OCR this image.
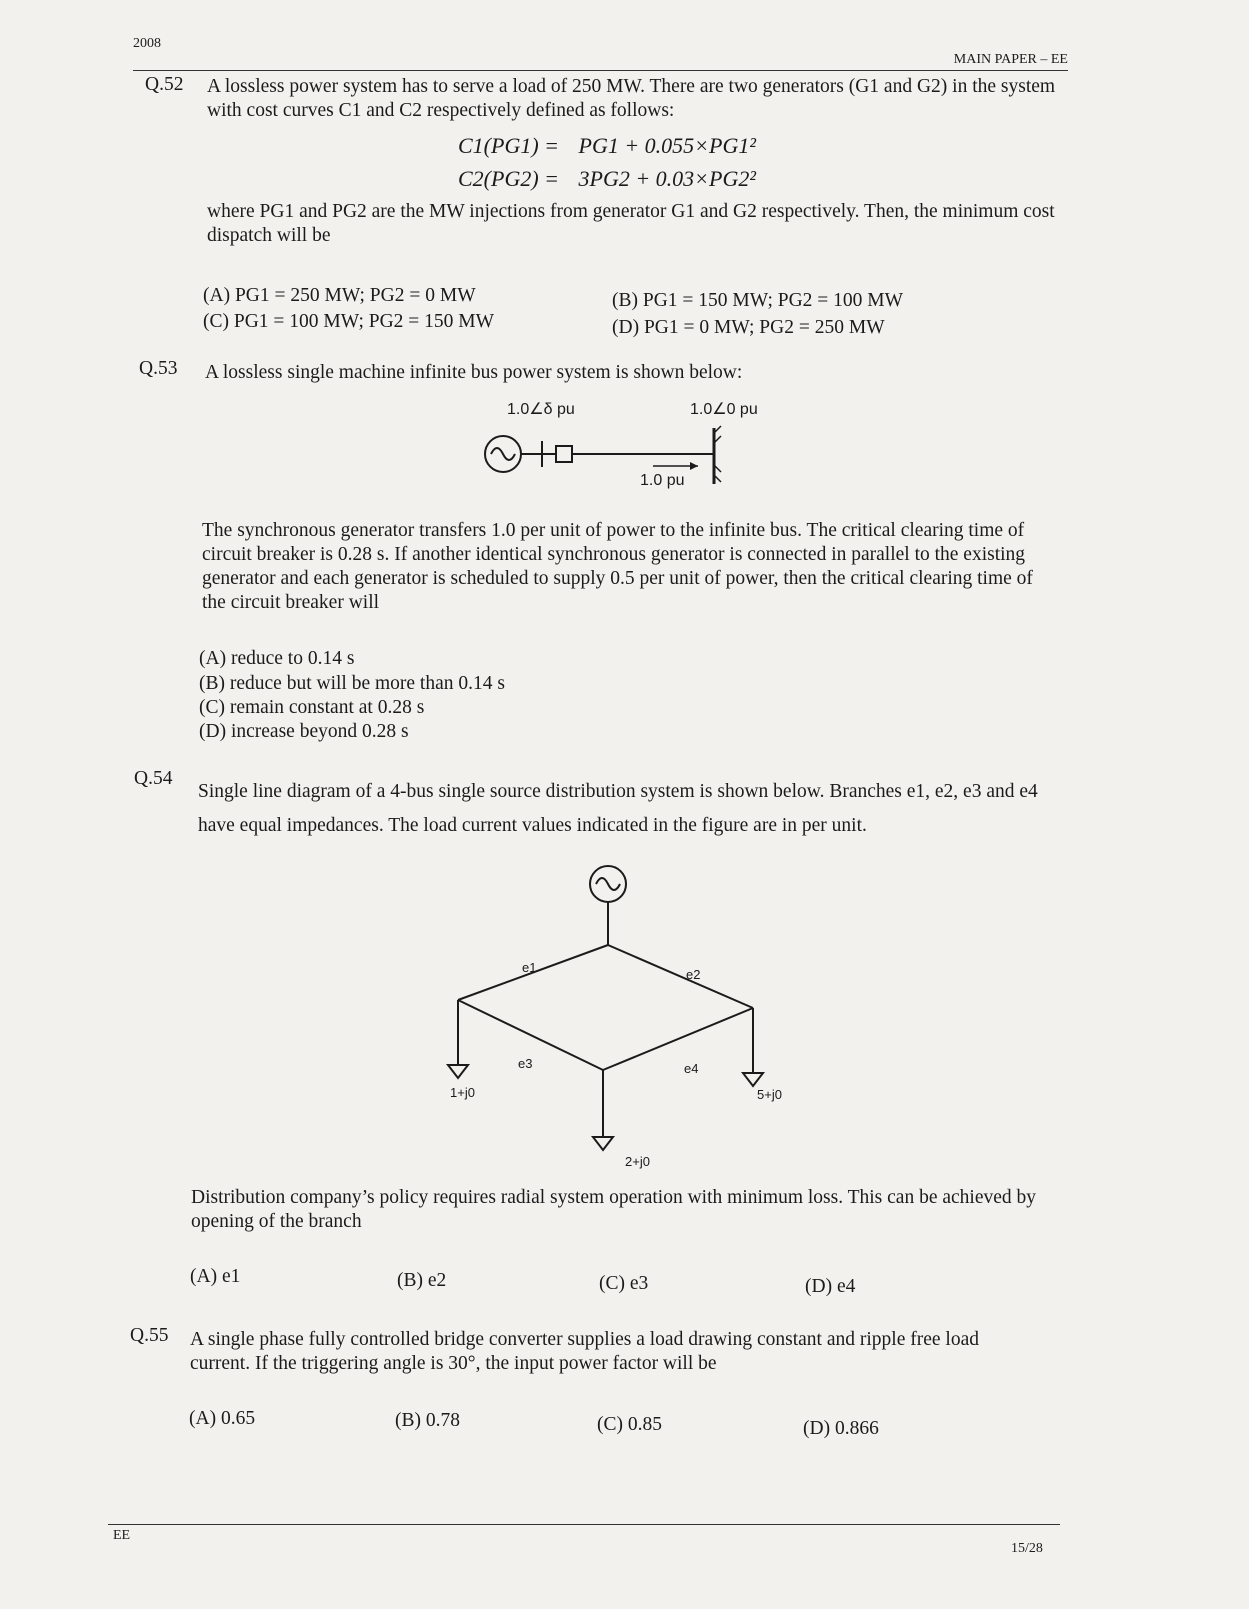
2008
MAIN PAPER – EE
Q.52 A lossless power system has to serve a load of 250 MW. There are two generators (G1 and G2) in the system with cost curves C1 and C2 respectively defined as follows:
C1(PG1) = PG1 + 0.055×PG1²
C2(PG2) = 3PG2 + 0.03×PG2²
where PG1 and PG2 are the MW injections from generator G1 and G2 respectively. Then, the minimum cost dispatch will be
(A) PG1 = 250 MW; PG2 = 0 MW	(B) PG1 = 150 MW; PG2 = 100 MW
(C) PG1 = 100 MW; PG2 = 150 MW	(D) PG1 = 0 MW; PG2 = 250 MW
Q.53 A lossless single machine infinite bus power system is shown below:
1.0∠δ pu	1.0∠0 pu
1.0 pu
The synchronous generator transfers 1.0 per unit of power to the infinite bus. The critical clearing time of circuit breaker is 0.28 s. If another identical synchronous generator is connected in parallel to the existing generator and each generator is scheduled to supply 0.5 per unit of power, then the critical clearing time of the circuit breaker will
(A) reduce to 0.14 s
(B) reduce but will be more than 0.14 s
(C) remain constant at 0.28 s
(D) increase beyond 0.28 s
Q.54
Single line diagram of a 4-bus single source distribution system is shown below. Branches e1, e2, e3 and e4 have equal impedances. The load current values indicated in the figure are in per unit.
e1	e2
e3	e4
1+j0	5+j0
2+j0
Distribution company’s policy requires radial system operation with minimum loss. This can be achieved by opening of the branch
(A) e1	(B) e2	(C) e3	(D) e4
Q.55 A single phase fully controlled bridge converter supplies a load drawing constant and ripple free load current. If the triggering angle is 30°, the input power factor will be
(A) 0.65	(B) 0.78	(C) 0.85	(D) 0.866
EE
15/28
